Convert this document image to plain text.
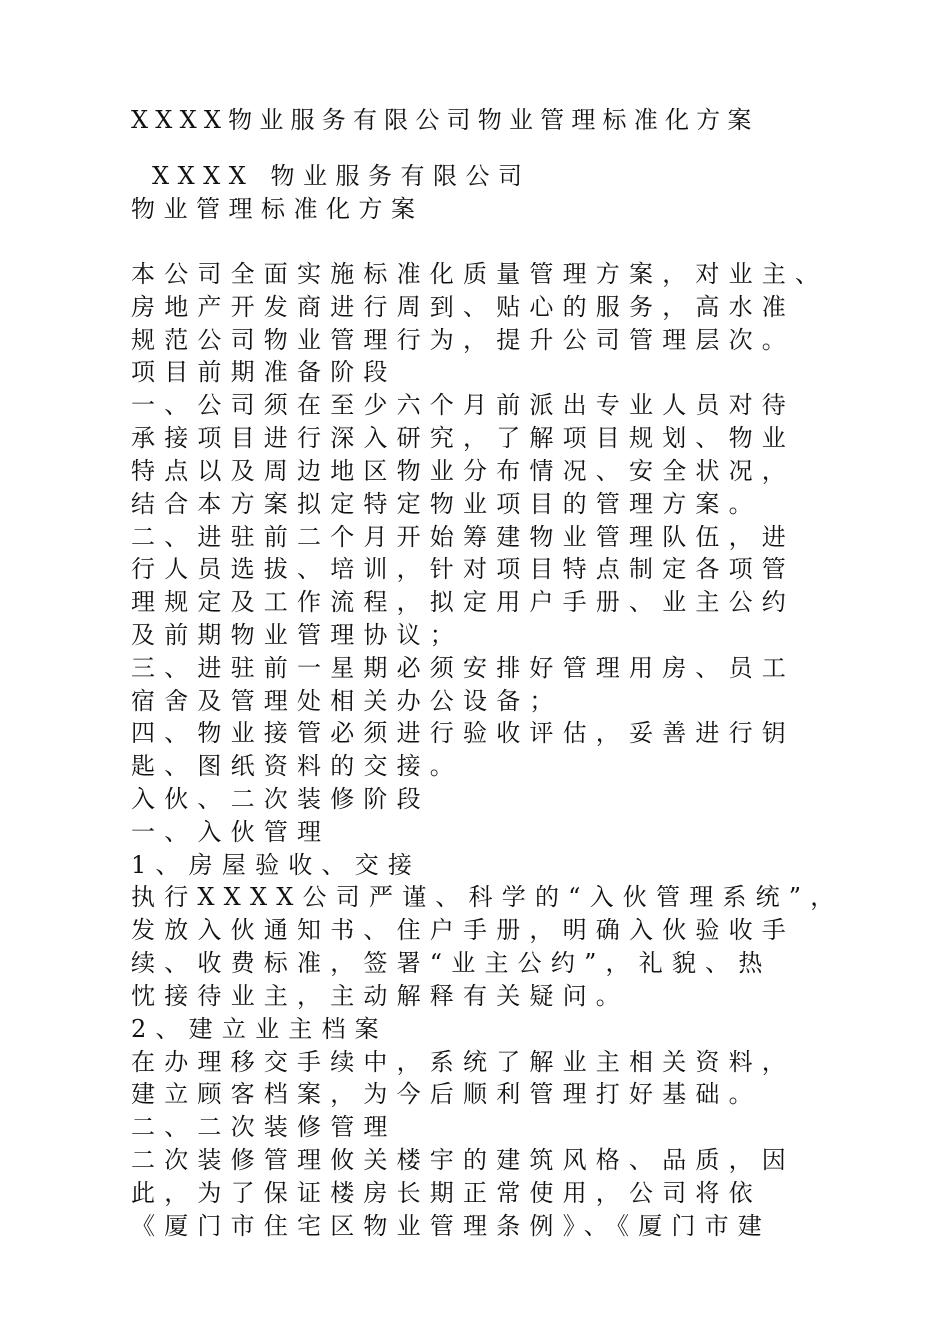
XXXX物业服务有限公司物业管理标准化方案
XXXX 物业服务有限公司
物业管理标准化方案
本公司全面实施标准化质量管理方案，对业主、
房地产开发商进行周到、贴心的服务，高水准
规范公司物业管理行为，提升公司管理层次。
项目前期准备阶段
一、公司须在至少六个月前派出专业人员对待
承接项目进行深入研究，了解项目规划、物业
特点以及周边地区物业分布情况、安全状况，
结合本方案拟定特定物业项目的管理方案。
二、进驻前二个月开始筹建物业管理队伍，进
行人员选拔、培训，针对项目特点制定各项管
理规定及工作流程，拟定用户手册、业主公约
及前期物业管理协议；
三、进驻前一星期必须安排好管理用房、员工
宿舍及管理处相关办公设备；
四、物业接管必须进行验收评估，妥善进行钥
匙、图纸资料的交接。
入伙、二次装修阶段
一、入伙管理
1、房屋验收、交接
执行XXXX公司严谨、科学的“入伙管理系统”，
发放入伙通知书、住户手册，明确入伙验收手
续、收费标准，签署“业主公约”，礼貌、热
忱接待业主，主动解释有关疑问。
2、建立业主档案
在办理移交手续中，系统了解业主相关资料，
建立顾客档案，为今后顺利管理打好基础。
二、二次装修管理
二次装修管理攸关楼宇的建筑风格、品质，因
此，为了保证楼房长期正常使用，公司将依
《厦门市住宅区物业管理条例》、《厦门市建
